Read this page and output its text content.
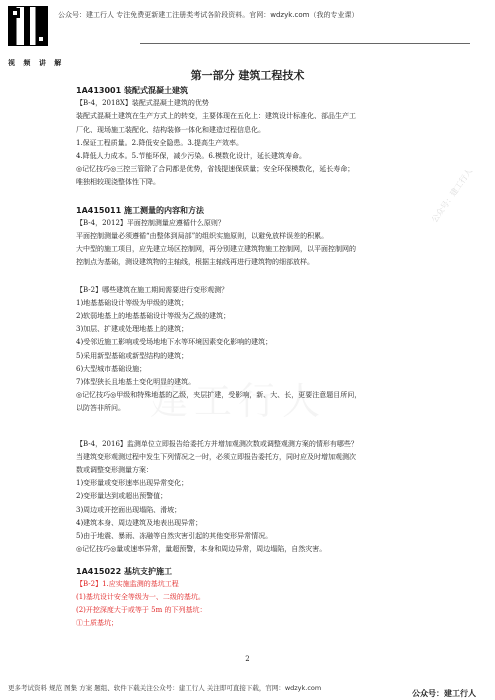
视 频 讲 解
公众号：建工行人 专注免费更新建工注册类考试各阶段资料。官网：wdzyk.com（我的专业课）
第一部分 建筑工程技术
公众号：建工行人

1A413001 装配式混凝土建筑

【B-4，2018X】装配式混凝土建筑的优势

装配式混凝土建筑在生产方式上的转变，主要体现在五化上：建筑设计标准化、部品生产工

厂化、现场施工装配化、结构装修一体化和建造过程信息化。

1.保证工程质量。2.降低安全隐患。3.提高生产效率。

4.降低人力成本。5.节能环保，减少污染。6.模数化设计，延长建筑寿命。

◎记忆技巧◎三控三管除了合同都是优势，省钱提速保质量；安全环保模数化，延长寿命；

唯独相较现浇整体性下降。

1A415011 施工测量的内容和方法

【B-4，2012】平面控制测量应遵循什么原则？

平面控制测量必须遵循“由整体到局部”的组织实施原则，以避免放样误差的积累。

大中型的施工项目，应先建立场区控制网，再分别建立建筑物施工控制网，以平面控制网的

控制点为基础，测设建筑物的主轴线，根据主轴线再进行建筑物的细部放样。

【B-2】哪些建筑在施工期间需要进行变形观测？

1)地基基础设计等级为甲级的建筑；

2)软弱地基上的地基基础设计等级为乙级的建筑；

3)加层、扩建或处理地基上的建筑；

4)受邻近施工影响或受场地地下水等环境因素变化影响的建筑；

5)采用新型基础或新型结构的建筑；

6)大型城市基础设施；

7)体型狭长且地基土变化明显的建筑。

◎记忆技巧◎甲级和特殊地基的乙级，夹层扩建，受影响，新、大、长，更要注意题目所问，

以防答非所问。

【B-4，2016】监测单位立即报告给委托方并增加观测次数或调整观测方案的情形有哪些？

当建筑变形观测过程中发生下列情况之一时，必须立即报告委托方，同时应及时增加观测次

数或调整变形测量方案：

1)变形量或变形速率出现异常变化；

2)变形量达到或超出预警值；

3)周边或开挖面出现塌陷、滑坡；

4)建筑本身、周边建筑及地表出现异常；

5)由于地震、暴雨、冻融等自然灾害引起的其他变形异常情况。

◎记忆技巧◎量或速率异常，量超预警，本身和周边异常，周边塌陷，自然灾害。

1A415022 基坑支护施工

【B-2】1.应实施监测的基坑工程

(1)基坑设计安全等级为一、二级的基坑。

(2)开挖深度大于或等于 5m 的下列基坑：

①土质基坑；

2
更多考试资料 规范 图集 方案 题组、软件下载关注公众号：建工行人 关注即可直接下载，官网：wdzyk.com
公众号：建工行人
